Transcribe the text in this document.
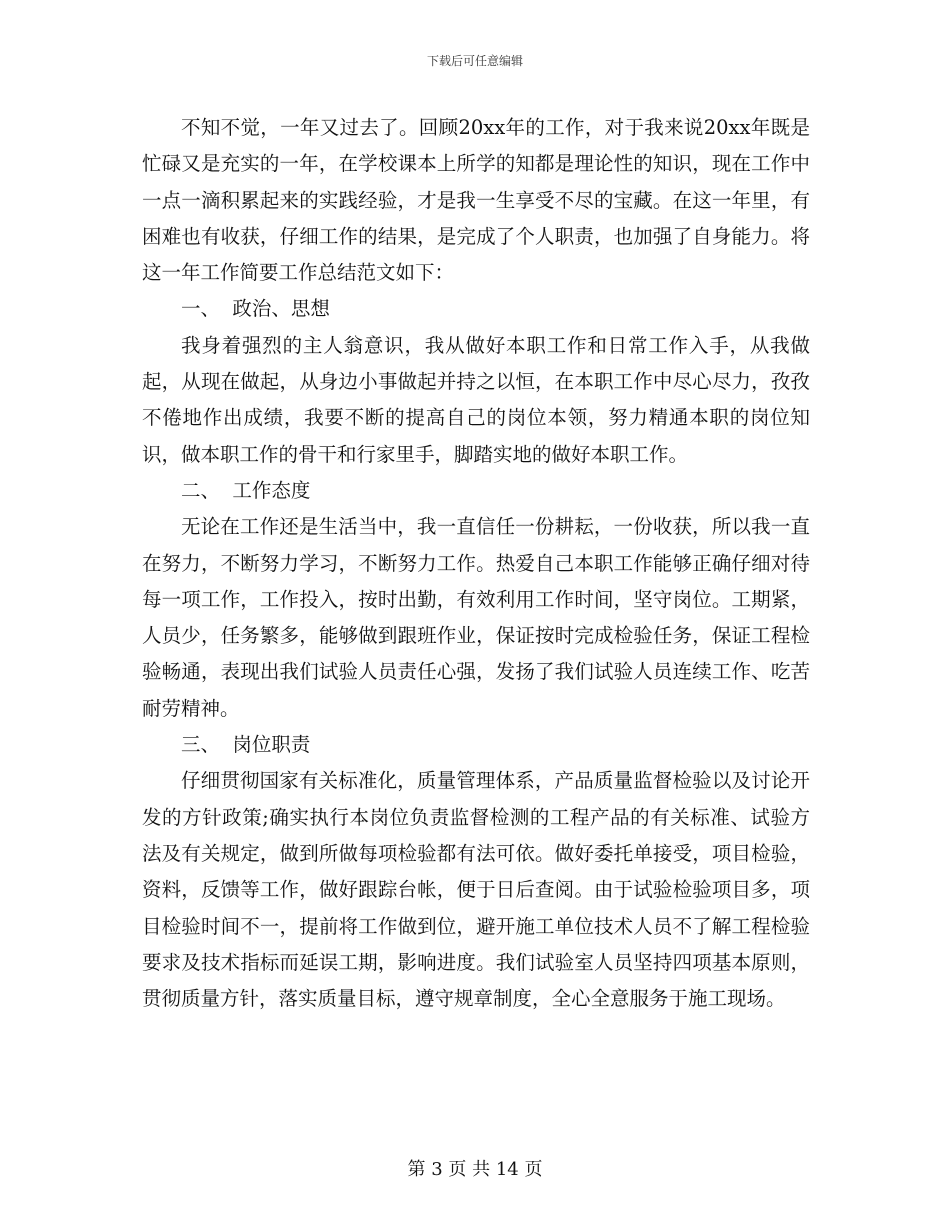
下载后可任意编辑

不知不觉，一年又过去了。回顾20xx年的工作，对于我来说20xx年既是忙碌又是充实的一年，在学校课本上所学的知都是理论性的知识，现在工作中一点一滴积累起来的实践经验，才是我一生享受不尽的宝藏。在这一年里，有困难也有收获，仔细工作的结果，是完成了个人职责，也加强了自身能力。将这一年工作简要工作总结范文如下：

一、  政治、思想

我身着强烈的主人翁意识，我从做好本职工作和日常工作入手，从我做起，从现在做起，从身边小事做起并持之以恒，在本职工作中尽心尽力，孜孜不倦地作出成绩，我要不断的提高自己的岗位本领，努力精通本职的岗位知识，做本职工作的骨干和行家里手，脚踏实地的做好本职工作。

二、  工作态度

无论在工作还是生活当中，我一直信任一份耕耘，一份收获，所以我一直在努力，不断努力学习，不断努力工作。热爱自己本职工作能够正确仔细对待每一项工作，工作投入，按时出勤，有效利用工作时间，坚守岗位。工期紧，人员少，任务繁多，能够做到跟班作业，保证按时完成检验任务，保证工程检验畅通，表现出我们试验人员责任心强，发扬了我们试验人员连续工作、吃苦耐劳精神。

三、  岗位职责

仔细贯彻国家有关标准化，质量管理体系，产品质量监督检验以及讨论开发的方针政策;确实执行本岗位负责监督检测的工程产品的有关标准、试验方法及有关规定，做到所做每项检验都有法可依。做好委托单接受，项目检验，资料，反馈等工作，做好跟踪台帐，便于日后查阅。由于试验检验项目多，项目检验时间不一，提前将工作做到位，避开施工单位技术人员不了解工程检验要求及技术指标而延误工期，影响进度。我们试验室人员坚持四项基本原则，贯彻质量方针，落实质量目标，遵守规章制度，全心全意服务于施工现场。

第 3 页 共 14 页
